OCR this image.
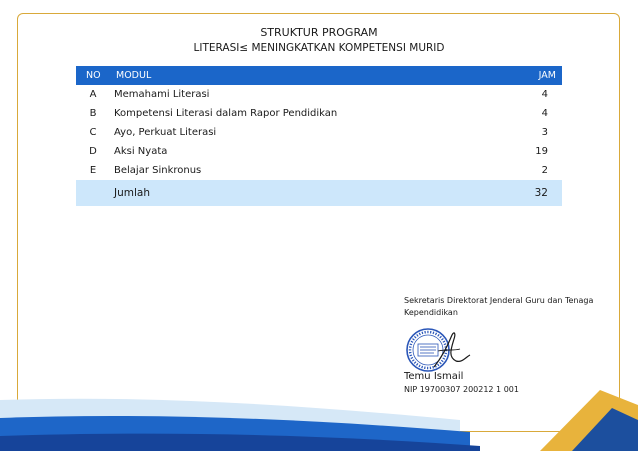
STRUKTUR PROGRAM
LITERASI≤ MENINGKATKAN KOMPETENSI MURID
NO	MODUL	JAM
A	Memahami Literasi	4
B	Kompetensi Literasi dalam Rapor Pendidikan	4
C	Ayo, Perkuat Literasi	3
D	Aksi Nyata	19
E	Belajar Sinkronus	2
	Jumlah	32
Sekretaris Direktorat Jenderal Guru dan Tenaga
Kependidikan
Temu Ismail
NIP 19700307 200212 1 001
